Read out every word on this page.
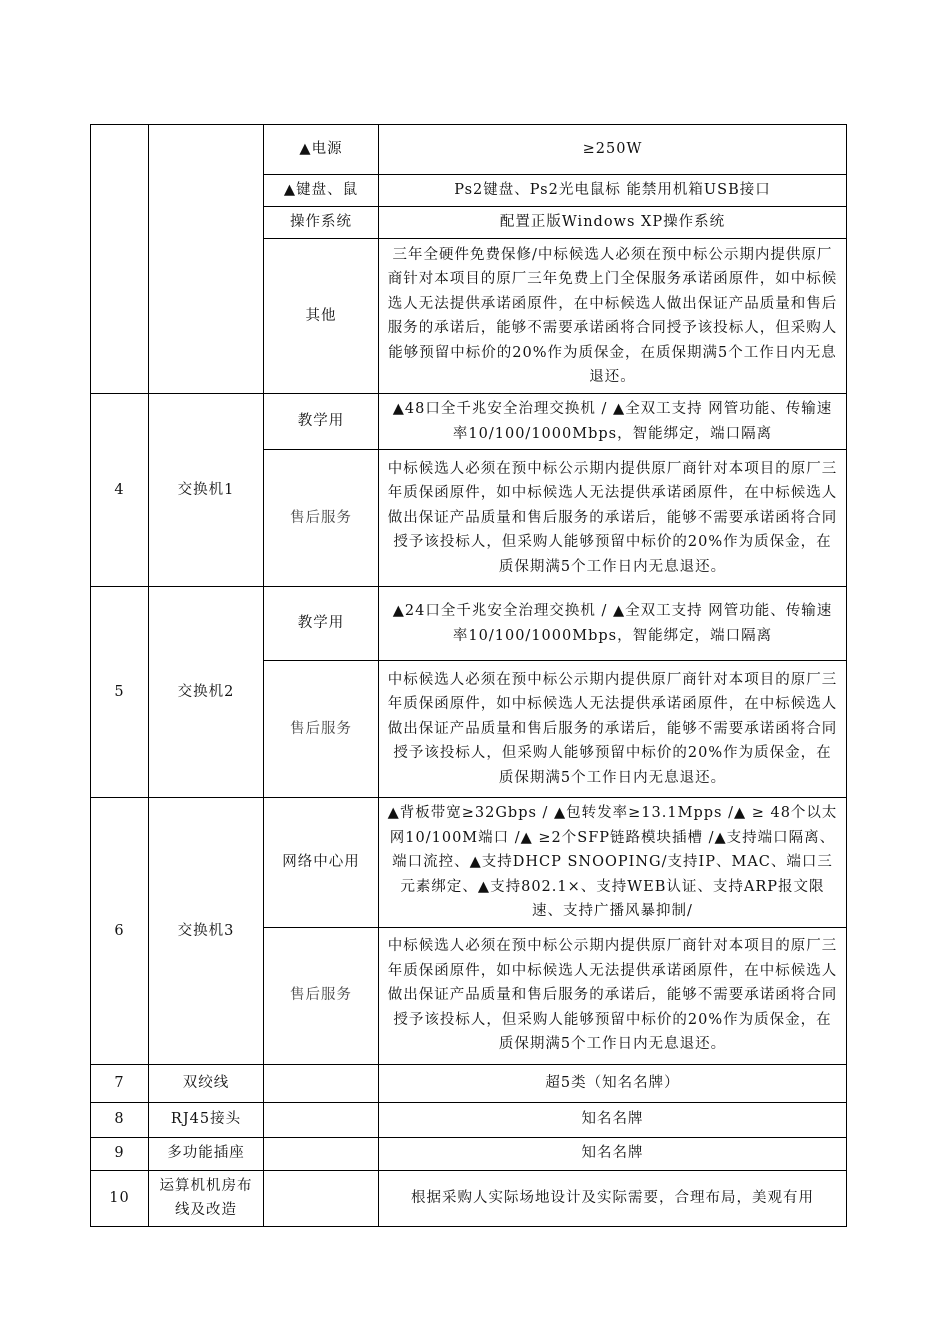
		▲电源	≥250W
		▲键盘、鼠	Ps2键盘、Ps2光电鼠标 能禁用机箱USB接口
		操作系统	配置正版Windows XP操作系统
		其他	三年全硬件免费保修/中标候选人必须在预中标公示期内提供原厂商针对本项目的原厂三年免费上门全保服务承诺函原件，如中标候选人无法提供承诺函原件，在中标候选人做出保证产品质量和售后服务的承诺后，能够不需要承诺函将合同授予该投标人，但采购人能够预留中标价的20%作为质保金，在质保期满5个工作日内无息退还。
4	交换机1	教学用	▲48口全千兆安全治理交换机 / ▲全双工支持 网管功能、传输速率10/100/1000Mbps，智能绑定，端口隔离
		售后服务	中标候选人必须在预中标公示期内提供原厂商针对本项目的原厂三年质保函原件，如中标候选人无法提供承诺函原件，在中标候选人做出保证产品质量和售后服务的承诺后，能够不需要承诺函将合同授予该投标人，但采购人能够预留中标价的20%作为质保金，在质保期满5个工作日内无息退还。
5	交换机2	教学用	▲24口全千兆安全治理交换机 / ▲全双工支持 网管功能、传输速率10/100/1000Mbps，智能绑定，端口隔离
		售后服务	中标候选人必须在预中标公示期内提供原厂商针对本项目的原厂三年质保函原件，如中标候选人无法提供承诺函原件，在中标候选人做出保证产品质量和售后服务的承诺后，能够不需要承诺函将合同授予该投标人，但采购人能够预留中标价的20%作为质保金，在质保期满5个工作日内无息退还。
6	交换机3	网络中心用	▲背板带宽≥32Gbps / ▲包转发率≥13.1Mpps /▲ ≥ 48个以太网10/100M端口 /▲ ≥2个SFP链路模块插槽 /▲支持端口隔离、端口流控、▲支持DHCP SNOOPING/支持IP、MAC、端口三元素绑定、▲支持802.1×、支持WEB认证、支持ARP报文限速、支持广播风暴抑制/
		售后服务	中标候选人必须在预中标公示期内提供原厂商针对本项目的原厂三年质保函原件，如中标候选人无法提供承诺函原件，在中标候选人做出保证产品质量和售后服务的承诺后，能够不需要承诺函将合同授予该投标人，但采购人能够预留中标价的20%作为质保金，在质保期满5个工作日内无息退还。
7	双绞线		超5类（知名名牌）
8	RJ45接头		知名名牌
9	多功能插座		知名名牌
10	运算机机房布线及改造		根据采购人实际场地设计及实际需要，合理布局，美观有用
